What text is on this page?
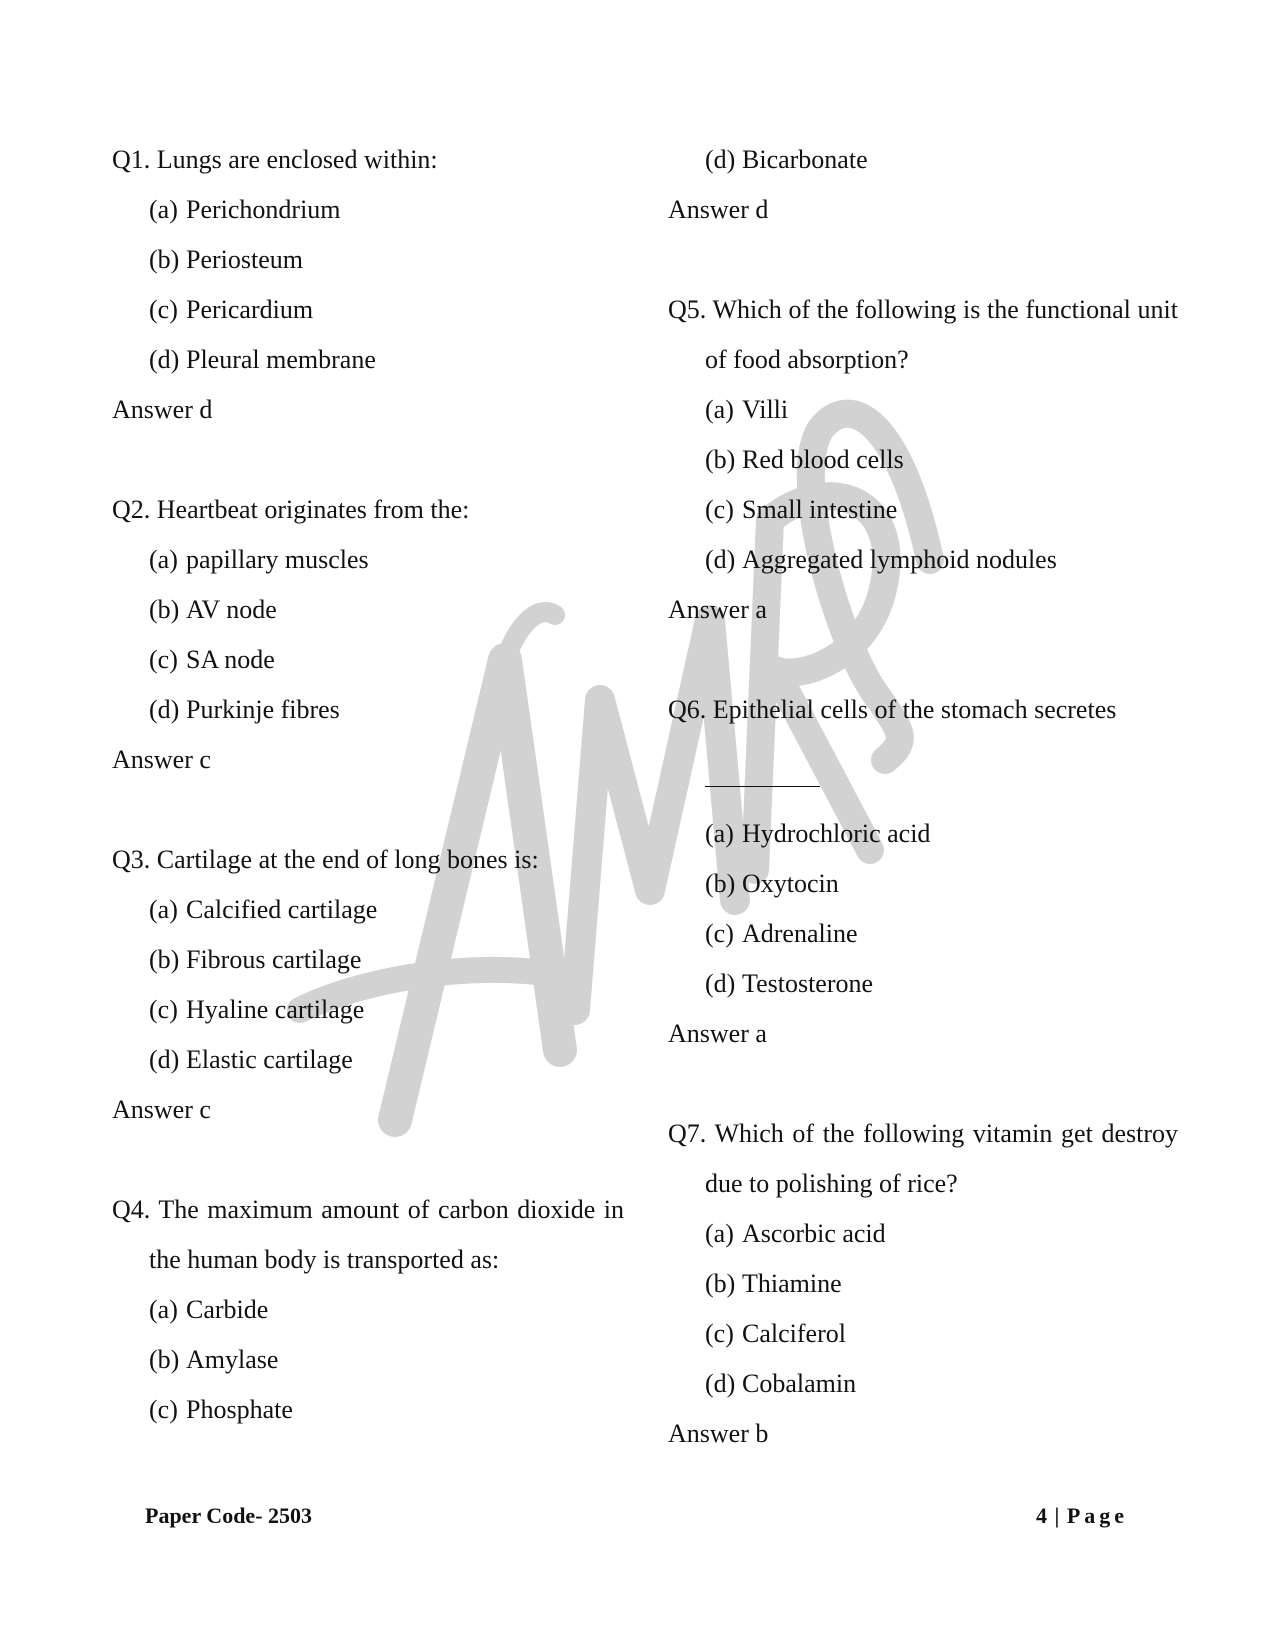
Q1. Lungs are enclosed within:
(a) Perichondrium
(b) Periosteum
(c) Pericardium
(d) Pleural membrane
Answer d
Q2. Heartbeat originates from the:
(a) papillary muscles
(b) AV node
(c) SA node
(d) Purkinje fibres
Answer c
Q3. Cartilage at the end of long bones is:
(a) Calcified cartilage
(b) Fibrous cartilage
(c) Hyaline cartilage
(d) Elastic cartilage
Answer c
Q4. The maximum amount of carbon dioxide in the human body is transported as:
(a) Carbide
(b) Amylase
(c) Phosphate
(d) Bicarbonate
Answer d
Q5. Which of the following is the functional unit of food absorption?
(a) Villi
(b) Red blood cells
(c) Small intestine
(d) Aggregated lymphoid nodules
Answer a
Q6. Epithelial cells of the stomach secretes
(a) Hydrochloric acid
(b) Oxytocin
(c) Adrenaline
(d) Testosterone
Answer a
Q7. Which of the following vitamin get destroy due to polishing of rice?
(a) Ascorbic acid
(b) Thiamine
(c) Calciferol
(d) Cobalamin
Answer b
Paper Code- 2503	4 | Page
